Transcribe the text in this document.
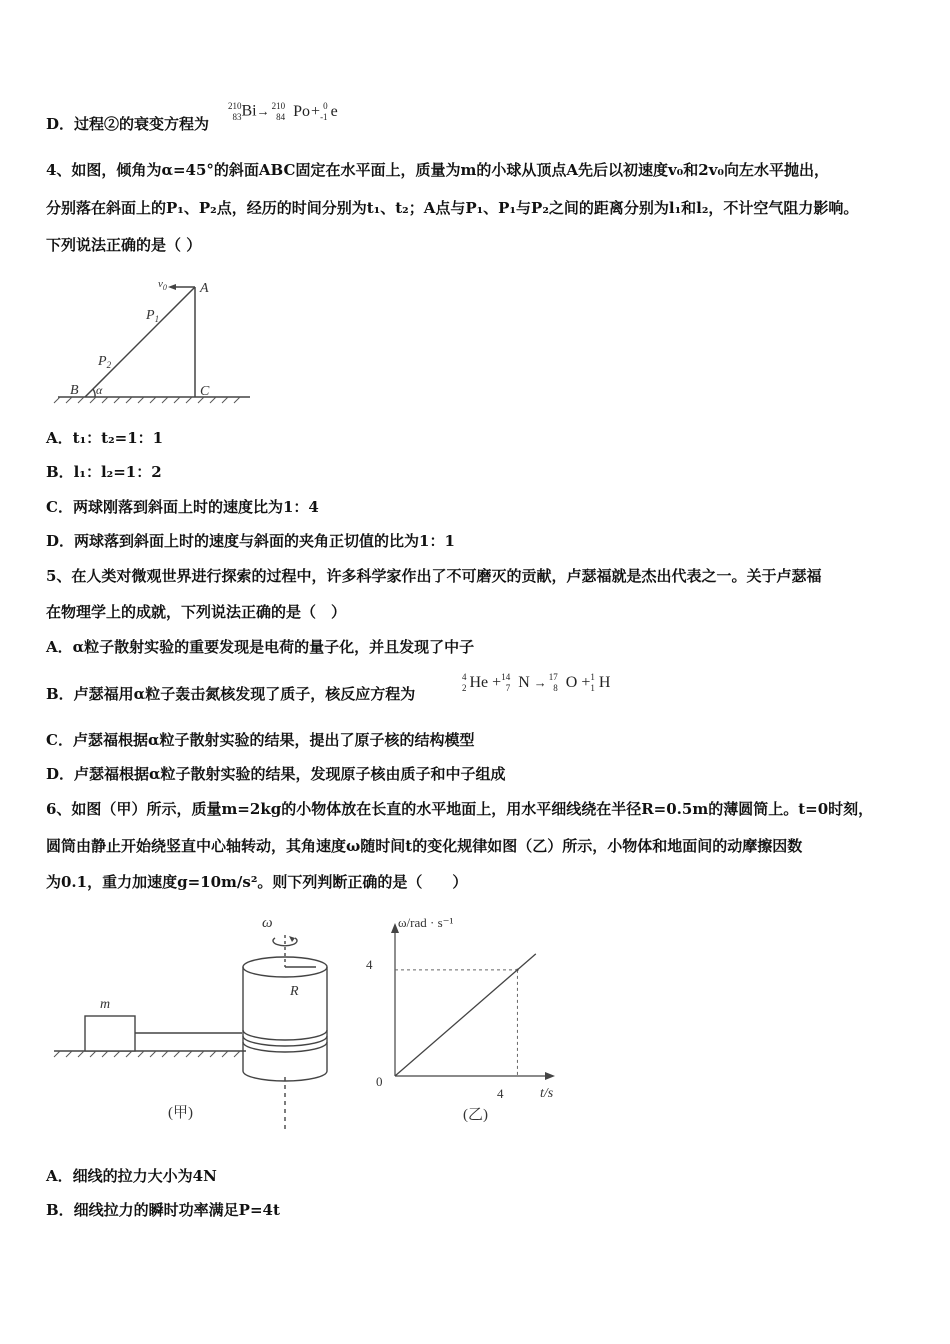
D．过程②的衰变方程为
210
83Bi→ 210
84 Po+ 0
-1 e
4、如图，倾角为α=45°的斜面ABC固定在水平面上，质量为m的小球从顶点A先后以初速度v₀和2v₀向左水平抛出，
分别落在斜面上的P₁、P₂点，经历的时间分别为t₁、t₂；A点与P₁、P₁与P₂之间的距离分别为l₁和l₂，不计空气阻力影响。
下列说法正确的是（ ）
$v_0$ A
$P_1$
$P_2$
B α	C
A．t₁：t₂=1：1
B．l₁：l₂=1：2
C．两球刚落到斜面上时的速度比为1：4
D．两球落到斜面上时的速度与斜面的夹角正切值的比为1：1
5、在人类对微观世界进行探索的过程中，许多科学家作出了不可磨灭的贡献，卢瑟福就是杰出代表之一。关于卢瑟福
在物理学上的成就，下列说法正确的是（　）
A．α粒子散射实验的重要发现是电荷的量子化，并且发现了中子
B．卢瑟福用α粒子轰击氮核发现了质子，核反应方程为
4
2 He +14
7 N → 17
8 O +1
1 H
C．卢瑟福根据α粒子散射实验的结果，提出了原子核的结构模型
D．卢瑟福根据α粒子散射实验的结果，发现原子核由质子和中子组成
6、如图（甲）所示，质量m=2kg的小物体放在长直的水平地面上，用水平细线绕在半径R=0.5m的薄圆筒上。t=0时刻，
圆筒由静止开始绕竖直中心轴转动，其角速度ω随时间t的变化规律如图（乙）所示，小物体和地面间的动摩擦因数
为0.1，重力加速度g=10m/s²。则下列判断正确的是（　　）
m
ω
R
(甲)
ω/rad · s⁻¹
t/s
0
4
4
(乙)
A．细线的拉力大小为4N
B．细线拉力的瞬时功率满足P=4t
